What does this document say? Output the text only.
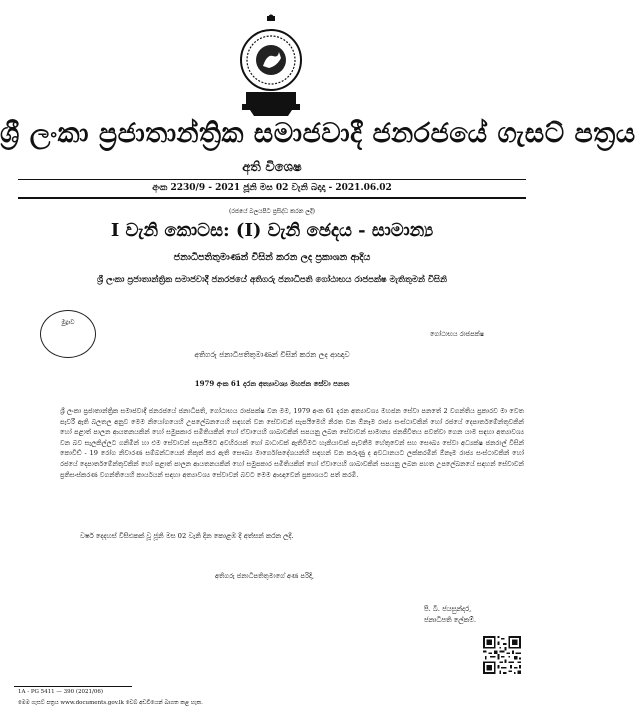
ශ්‍රී ලංකා ප්‍රජාතාන්ත්‍රික සමාජවාදී ජනරජයේ ගැසට් පත්‍රය
අති විශෙෂ
අංක 2230/9 - 2021 ජූනි මස 02 වැනි බදාදා - 2021.06.02
(රජයේ බලයපිට ප්‍රසිද්ධ කරන ලදී)
I වැනි කොටස: (I) වැනි ඡෙදය - සාමාන්‍ය
ජනාධිපතිතුමාණන් විසින් කරන ලද ප්‍රකාශන ආදිය
ශ්‍රී ලංකා ප්‍රජාතාන්ත්‍රික සමාජවාදී ජනරජයේ අතිගරු ජනාධිපති ගෝඨාභය රාජපක්ෂ මැතිතුමන් විසිනි
මුද්‍රාව
ගෝඨාභය රාජපක්ෂ
අතිගරු ජනාධිපතිතුමාණන් විසින් කරන ලද ආඥාව
1979 අංක 61 දරන අත්‍යාවශ්‍ය මහජන සේවා පනත
ශ්‍රී ලංකා ප්‍රජාතාන්ත්‍රික සමාජවාදී ජනරජයේ ජනාධිපති, ගෝඨාභය රාජපක්ෂ වන මම, 1979 අංක 61 දරන අත්‍යාවශ්‍ය මහජන සේවා පනතේ 2 වගන්තිය ප්‍රකාරව මා වෙත පැවරී ඇති බලතල අනුව මෙම නියෝගයෙහි උපලේඛනයෙහි සඳහන් වන සේවාවන් සැපයීමෙහි නිරත වන ඕනෑම රාජ්‍ය සංස්ථාවකින් හෝ රජයේ දෙපාර්තමේන්තුවකින් හෝ පළාත් පාලන ආයතනයකින් හෝ සමුපකාර සමිතියකින් හෝ ඒවායෙහි ශාඛාවකින් සපයනු ලබන සේවාවන් සාමාන්‍ය ජනජීවිතය පවත්වා ගෙන යාම සඳහා අත්‍යාවශ්‍ය වන බව සැලකිල්ලට ගනිමින් හා එම සේවාවන් සැපයීමට අවහිරයක් හෝ බාධාවක් ඇතිවීමට හැකියාවක් පැවතීම හේතුවෙන් සහ සෞඛ්‍ය සේවා අධ්‍යක්ෂ ජනරාල් විසින් කොවිඩ් - 19 රෝග නිවාරණ සම්බන්ධයෙන් නිකුත් කර ඇති සෞඛ්‍ය මාර්ගෝපදේශයන්හි සඳහන් වන කරුණු ද අවධානයට ලක්කරමින් ඕනෑම රාජ්‍ය සංස්ථාවකින් හෝ රජයේ දෙපාර්තමේන්තුවකින් හෝ පළාත් පාලන ආයතනයකින් හෝ සමුපකාර සමිතියකින් හෝ ඒවායෙහි ශාඛාවකින් සපයනු ලබන පහත උපලේඛනයේ සඳහන් සේවාවන් ප්‍රතිසංස්කරණ වගන්තියෙහි කාර්යයන් සඳහා අත්‍යාවශ්‍ය සේවාවන් බවට මෙම ආඥාවෙන් ප්‍රකාශයට පත් කරමි.
වර්ෂ දෙදහස් විසිඑකක් වූ ජූනි මස 02 වැනි දින කොළඹ දී අත්සන් කරන ලදී.
අතිගරු ජනාධිපතිතුමාගේ අණ පරිදි,
පී. බී. ජයසුන්දර,
ජනාධිපති ලේකම්.
1A - PG 5411 — 390 (2021/06)
මෙම ගැසට් පත්‍රය www.documents.gov.lk වෙබ් අඩවියෙන් බාගත කළ හැක.
